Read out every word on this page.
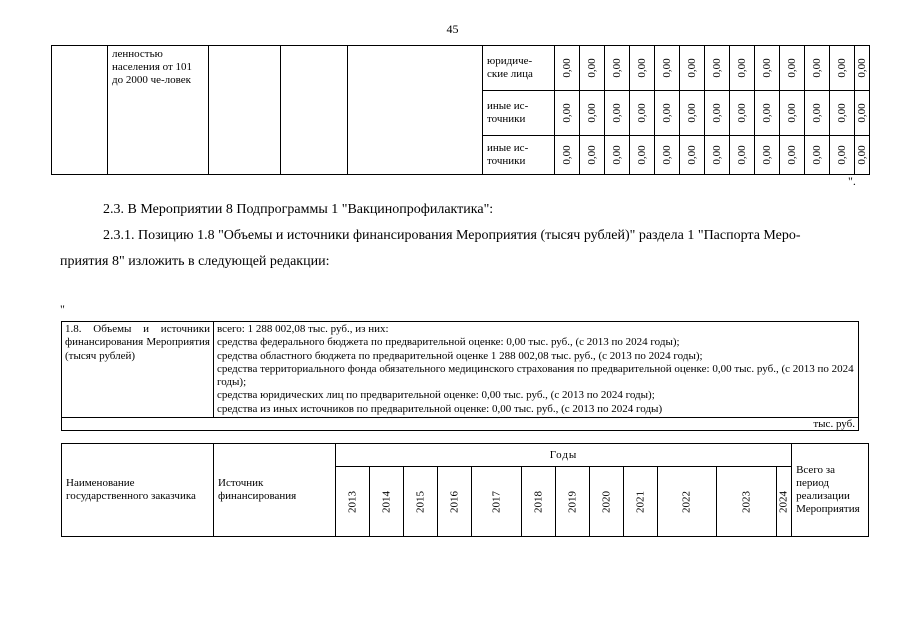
45
	ленностью населения от 101 до 2000 че-ловек				юридиче-ские лица	0,00	0,00	0,00	0,00	0,00	0,00	0,00	0,00	0,00	0,00	0,00	0,00	0,00

					иные ис-точники	0,00	0,00	0,00	0,00	0,00	0,00	0,00	0,00	0,00	0,00	0,00	0,00	0,00

					иные ис-точники	0,00	0,00	0,00	0,00	0,00	0,00	0,00	0,00	0,00	0,00	0,00	0,00	0,00
".
2.3. В Мероприятии 8 Подпрограммы 1 "Вакцинопрофилактика":
2.3.1. Позицию 1.8 "Объемы и источники финансирования Мероприятия (тысяч рублей)" раздела 1 "Паспорта Меро-
приятия 8" изложить в следующей редакции:
"
1.8. Объемы и источники финансирования Мероприятия (тысяч рублей)	
всего: 1 288 002,08 тыс. руб., из них:
средства федерального бюджета по предварительной оценке: 0,00 тыс. руб., (с 2013 по 2024 годы);
средства областного бюджета по предварительной оценке 1 288 002,08 тыс. руб., (с 2013 по 2024 годы);
средства территориального фонда обязательного медицинского страхования по предварительной оценке: 0,00 тыс. руб., (с 2013 по 2024 годы);
средства юридических лиц по предварительной оценке: 0,00 тыс. руб., (с 2013 по 2024 годы);
средства из иных источников по предварительной оценке: 0,00 тыс. руб., (с 2013 по 2024 годы)

тыс. руб.
Наименование государственного заказчика	Источник финансирования	Годы												Всего за период реализации Мероприятия

		2013	2014	2015	2016	2017	2018	2019	2020	2021	2022	2023	2024	
